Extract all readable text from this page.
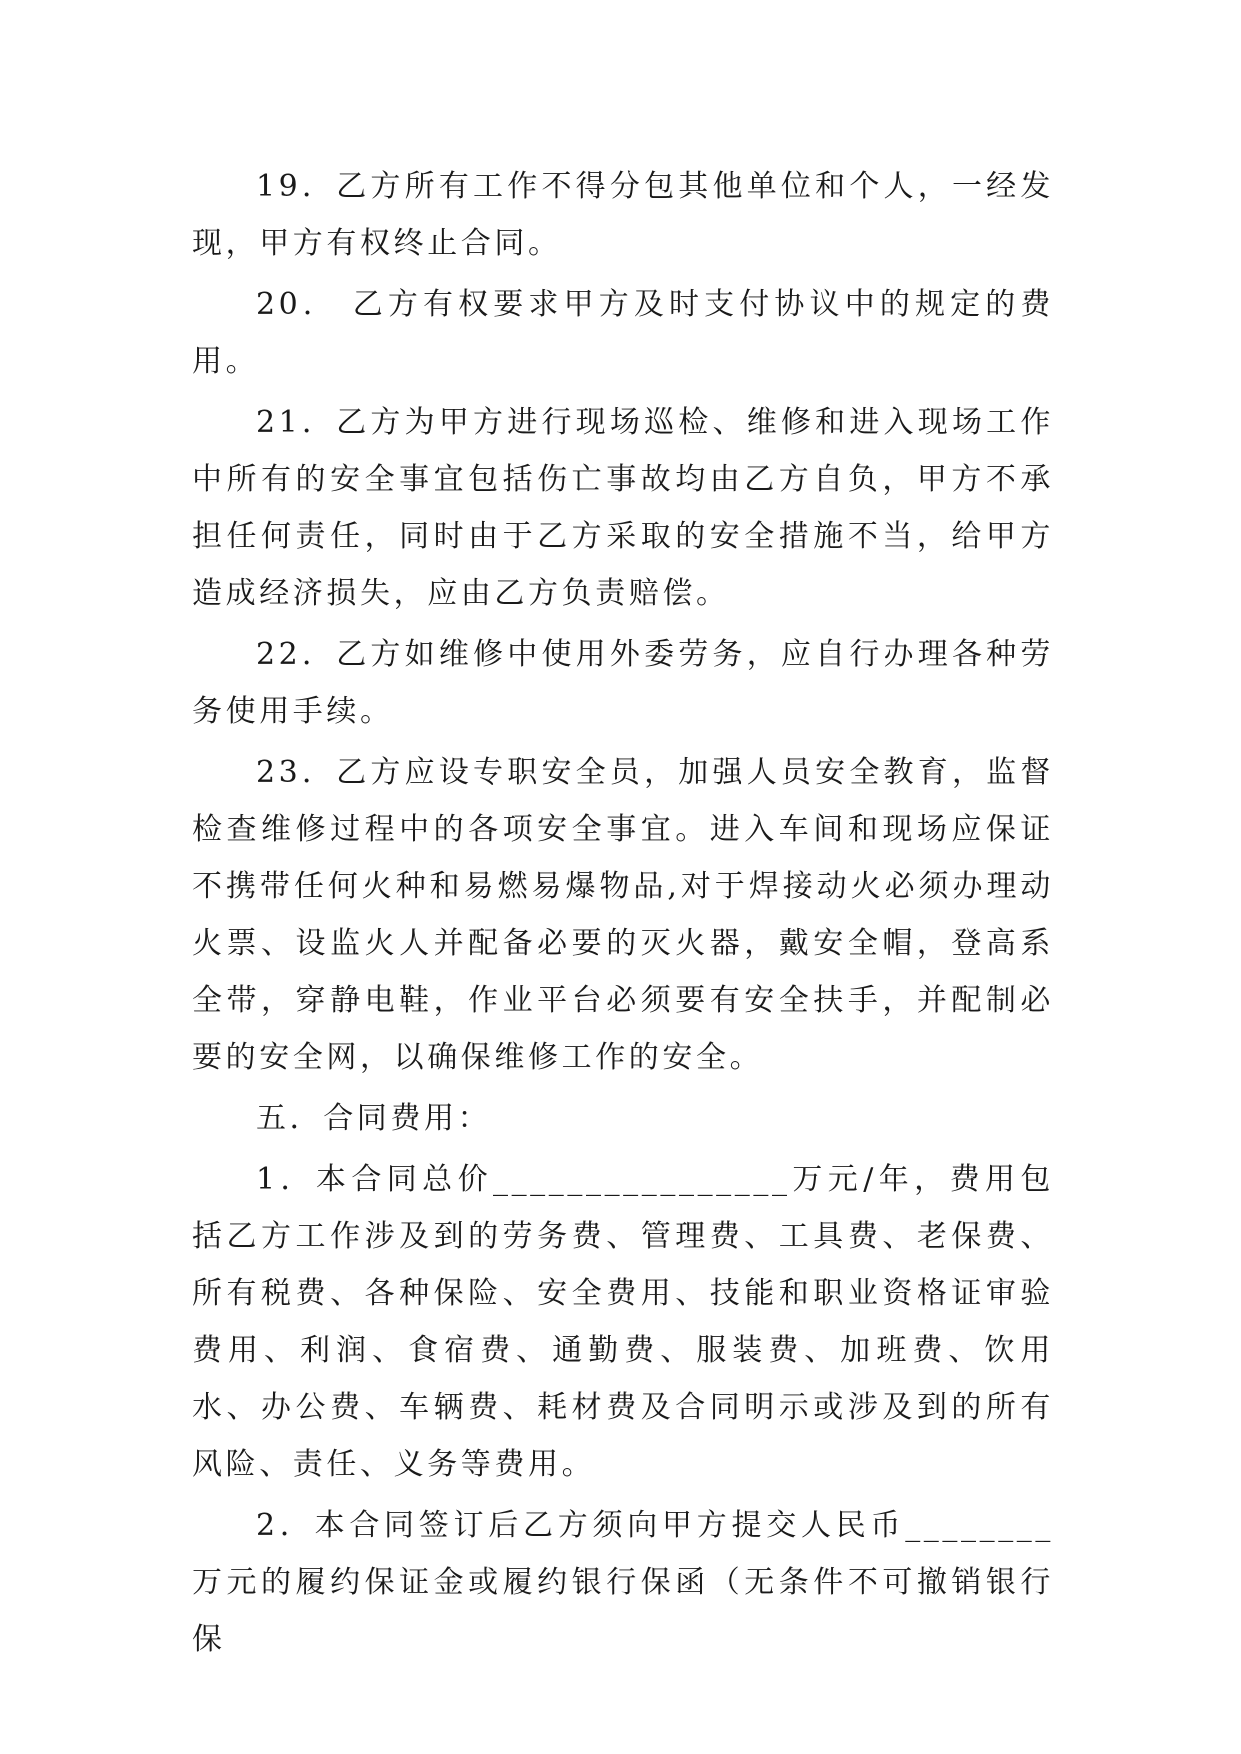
19．乙方所有工作不得分包其他单位和个人，一经发现，甲方有权终止合同。

20． 乙方有权要求甲方及时支付协议中的规定的费用。

21．乙方为甲方进行现场巡检、维修和进入现场工作中所有的安全事宜包括伤亡事故均由乙方自负，甲方不承担任何责任，同时由于乙方采取的安全措施不当，给甲方造成经济损失，应由乙方负责赔偿。

22．乙方如维修中使用外委劳务，应自行办理各种劳务使用手续。

23．乙方应设专职安全员，加强人员安全教育，监督检查维修过程中的各项安全事宜。进入车间和现场应保证不携带任何火种和易燃易爆物品,对于焊接动火必须办理动火票、设监火人并配备必要的灭火器，戴安全帽，登高系全带，穿静电鞋，作业平台必须要有安全扶手，并配制必要的安全网，以确保维修工作的安全。

五．合同费用：

1．本合同总价________________万元/年，费用包括乙方工作涉及到的劳务费、管理费、工具费、老保费、所有税费、各种保险、安全费用、技能和职业资格证审验费用、利润、食宿费、通勤费、服装费、加班费、饮用水、办公费、车辆费、耗材费及合同明示或涉及到的所有风险、责任、义务等费用。

2．本合同签订后乙方须向甲方提交人民币________万元的履约保证金或履约银行保函（无条件不可撤销银行保
